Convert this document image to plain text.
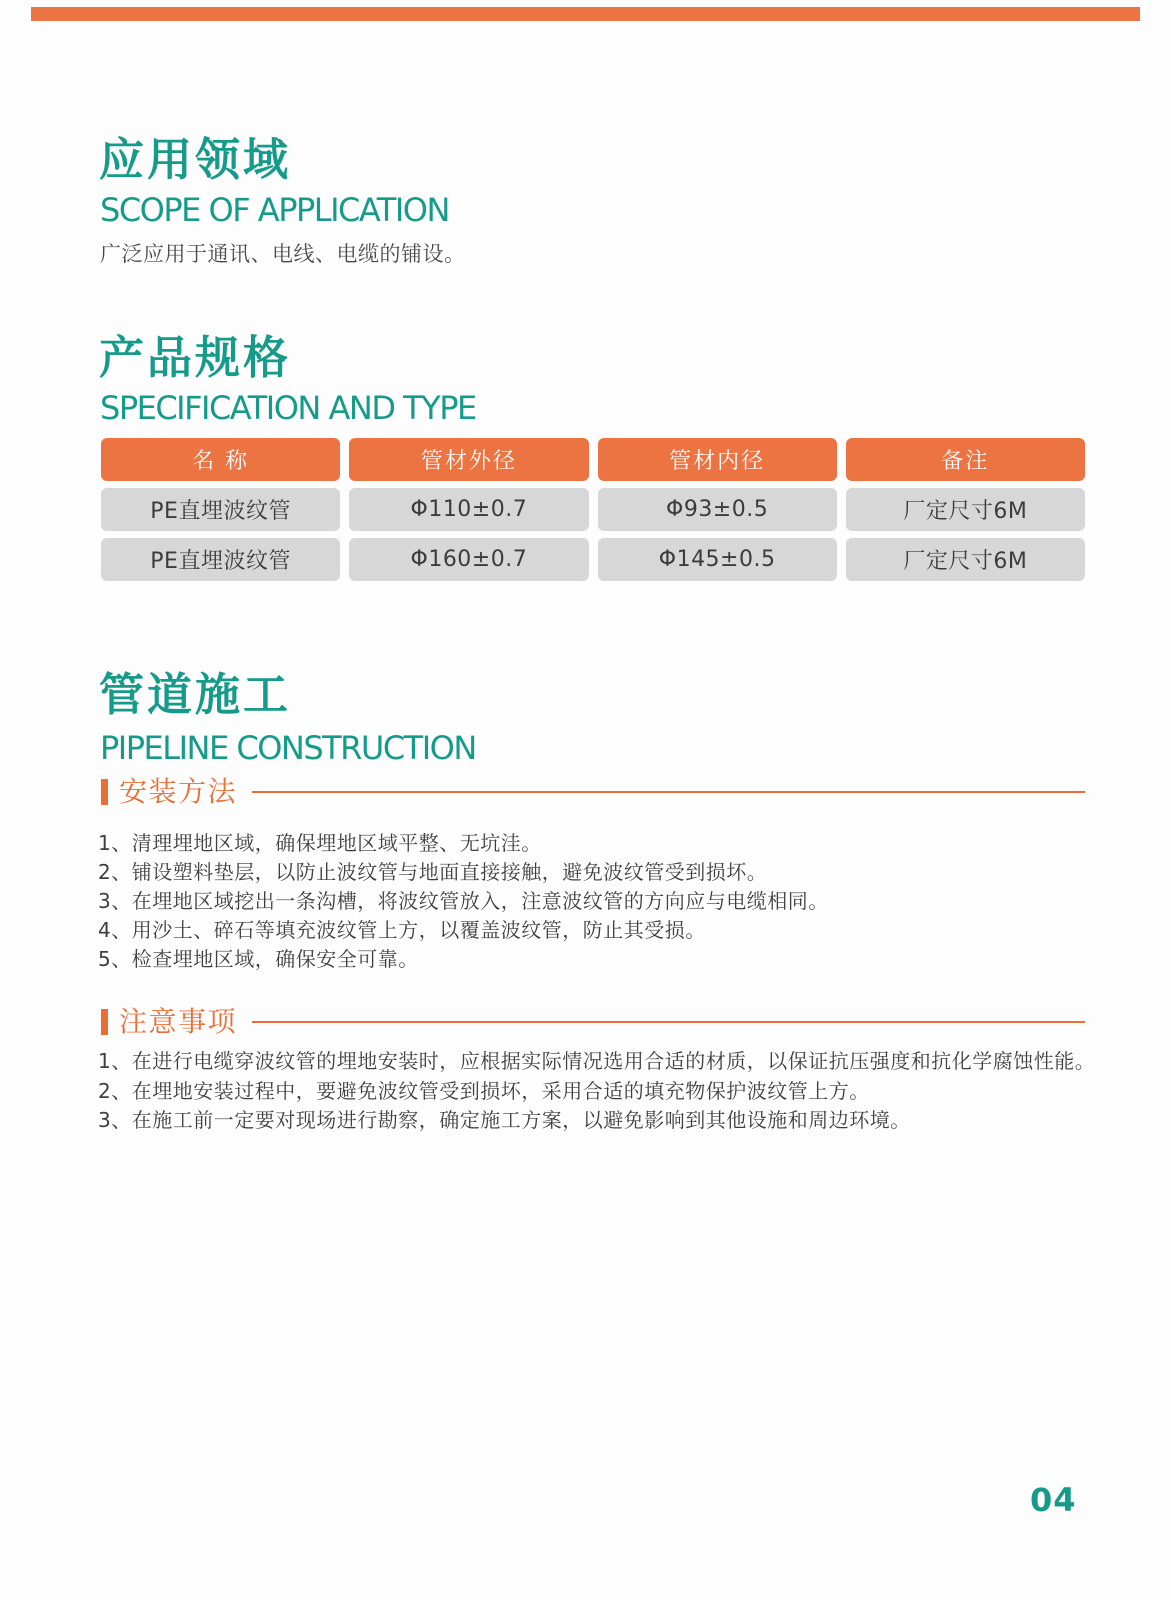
应用领域
SCOPE OF APPLICATION
广泛应用于通讯、电线、电缆的铺设。
产品规格
SPECIFICATION AND TYPE
名 称	管材外径	管材内径	备注
PE直埋波纹管	Φ110±0.7	Φ93±0.5	厂定尺寸6M
PE直埋波纹管	Φ160±0.7	Φ145±0.5	厂定尺寸6M
管道施工
PIPELINE CONSTRUCTION
安装方法
1、清理埋地区域，确保埋地区域平整、无坑洼。
2、铺设塑料垫层，以防止波纹管与地面直接接触，避免波纹管受到损坏。
3、在埋地区域挖出一条沟槽，将波纹管放入，注意波纹管的方向应与电缆相同。
4、用沙土、碎石等填充波纹管上方，以覆盖波纹管，防止其受损。
5、检查埋地区域，确保安全可靠。
注意事项
1、在进行电缆穿波纹管的埋地安装时，应根据实际情况选用合适的材质，以保证抗压强度和抗化学腐蚀性能。
2、在埋地安装过程中，要避免波纹管受到损坏，采用合适的填充物保护波纹管上方。
3、在施工前一定要对现场进行勘察，确定施工方案，以避免影响到其他设施和周边环境。
04
